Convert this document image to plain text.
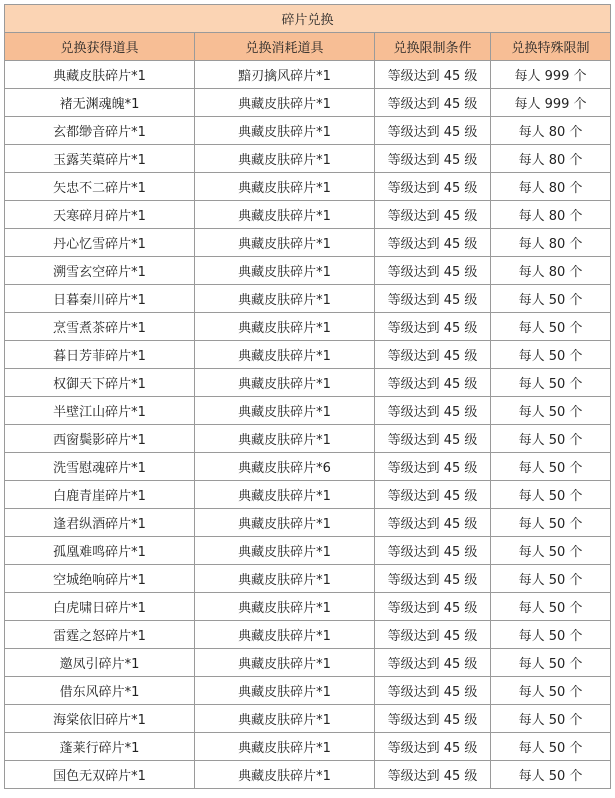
碎片兑换			
兑换获得道具	兑换消耗道具	兑换限制条件	兑换特殊限制
典藏皮肤碎片*1	黯刃擒风碎片*1	等级达到 45 级	每人 999 个
褚无渊魂魄*1	典藏皮肤碎片*1	等级达到 45 级	每人 999 个
玄都缈音碎片*1	典藏皮肤碎片*1	等级达到 45 级	每人 80 个
玉露芙蕖碎片*1	典藏皮肤碎片*1	等级达到 45 级	每人 80 个
矢忠不二碎片*1	典藏皮肤碎片*1	等级达到 45 级	每人 80 个
天寒碎月碎片*1	典藏皮肤碎片*1	等级达到 45 级	每人 80 个
丹心忆雪碎片*1	典藏皮肤碎片*1	等级达到 45 级	每人 80 个
溯雪玄空碎片*1	典藏皮肤碎片*1	等级达到 45 级	每人 80 个
日暮秦川碎片*1	典藏皮肤碎片*1	等级达到 45 级	每人 50 个
烹雪煮茶碎片*1	典藏皮肤碎片*1	等级达到 45 级	每人 50 个
暮日芳菲碎片*1	典藏皮肤碎片*1	等级达到 45 级	每人 50 个
权御天下碎片*1	典藏皮肤碎片*1	等级达到 45 级	每人 50 个
半壁江山碎片*1	典藏皮肤碎片*1	等级达到 45 级	每人 50 个
西窗鬓影碎片*1	典藏皮肤碎片*1	等级达到 45 级	每人 50 个
洗雪慰魂碎片*1	典藏皮肤碎片*6	等级达到 45 级	每人 50 个
白鹿青崖碎片*1	典藏皮肤碎片*1	等级达到 45 级	每人 50 个
逢君纵酒碎片*1	典藏皮肤碎片*1	等级达到 45 级	每人 50 个
孤凰难鸣碎片*1	典藏皮肤碎片*1	等级达到 45 级	每人 50 个
空城绝响碎片*1	典藏皮肤碎片*1	等级达到 45 级	每人 50 个
白虎啸日碎片*1	典藏皮肤碎片*1	等级达到 45 级	每人 50 个
雷霆之怒碎片*1	典藏皮肤碎片*1	等级达到 45 级	每人 50 个
邀凤引碎片*1	典藏皮肤碎片*1	等级达到 45 级	每人 50 个
借东风碎片*1	典藏皮肤碎片*1	等级达到 45 级	每人 50 个
海棠依旧碎片*1	典藏皮肤碎片*1	等级达到 45 级	每人 50 个
蓬莱行碎片*1	典藏皮肤碎片*1	等级达到 45 级	每人 50 个
国色无双碎片*1	典藏皮肤碎片*1	等级达到 45 级	每人 50 个
